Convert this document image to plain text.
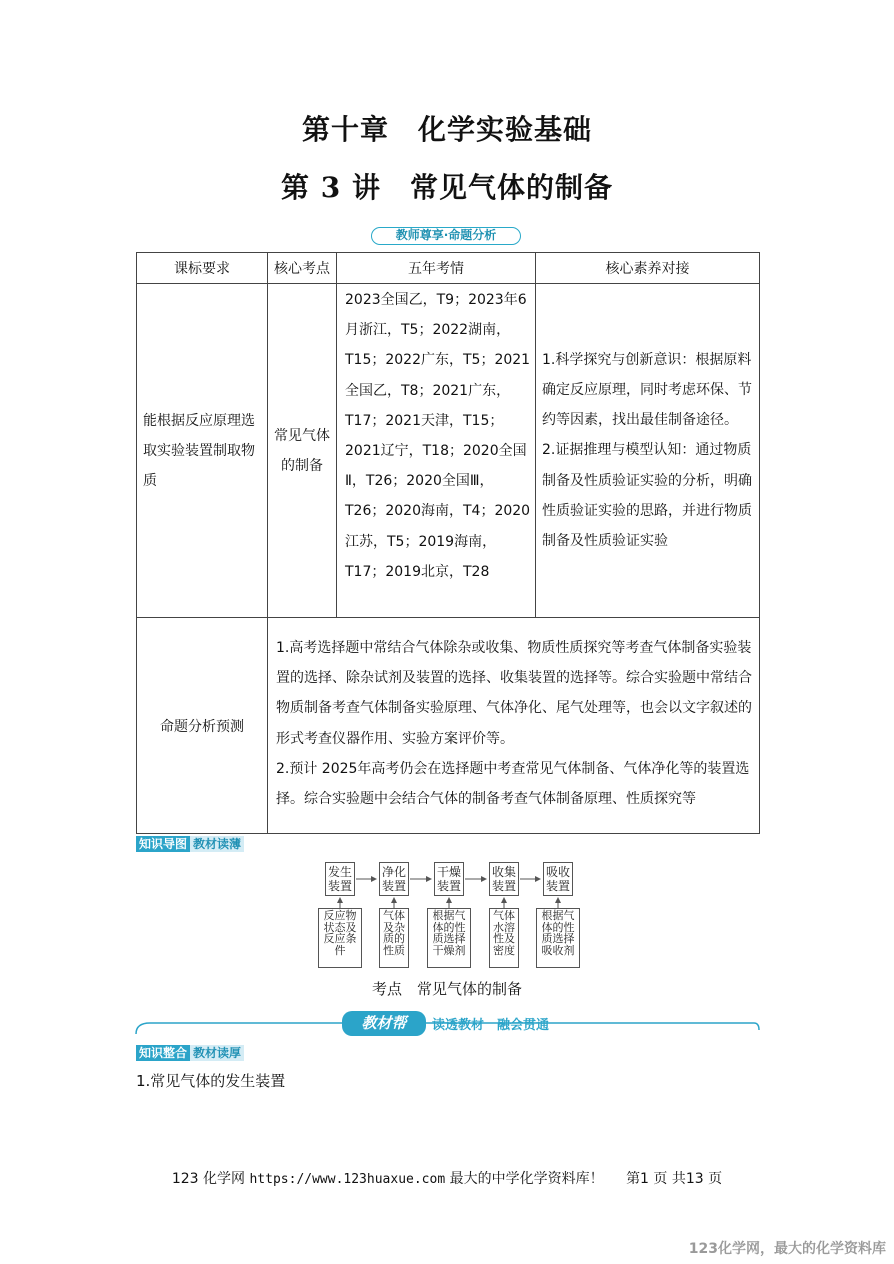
第十章　化学实验基础
第 3 讲　常见气体的制备
教师尊享·命题分析
课标要求	核心考点	五年考情	核心素养对接
能根据反应原理选取实验装置制取物质	常见气体的制备	2023全国乙，T9；2023年6月浙江，T5；2022湖南，T15；2022广东，T5；2021全国乙，T8；2021广东，T17；2021天津，T15；2021辽宁，T18；2020全国Ⅱ，T26；2020全国Ⅲ，T26；2020海南，T4；2020江苏，T5；2019海南，T17；2019北京，T28	1.科学探究与创新意识：根据原料确定反应原理，同时考虑环保、节约等因素，找出最佳制备途径。
2.证据推理与模型认知：通过物质制备及性质验证实验的分析，明确性质验证实验的思路，并进行物质制备及性质验证实验
命题分析预测	1.高考选择题中常结合气体除杂或收集、物质性质探究等考查气体制备实验装置的选择、除杂试剂及装置的选择、收集装置的选择等。综合实验题中常结合物质制备考查气体制备实验原理、气体净化、尾气处理等，也会以文字叙述的形式考查仪器作用、实验方案评价等。
2.预计 2025年高考仍会在选择题中考查常见气体制备、气体净化等的装置选择。综合实验题中会结合气体的制备考查气体制备原理、性质探究等		
知识导图 教材读薄
发生装置
净化装置
干燥装置
收集装置
吸收装置
反应物状态及反应条件
气体及杂质的性质
根据气体的性质选择干燥剂
气体水溶性及密度
根据气体的性质选择吸收剂
考点　常见气体的制备
教材帮	读透教材　融会贯通
知识整合 教材读厚
1.常见气体的发生装置
123 化学网 https://www.123huaxue.com 最大的中学化学资料库！ 第1 页 共13 页
123化学网，最大的化学资料库
